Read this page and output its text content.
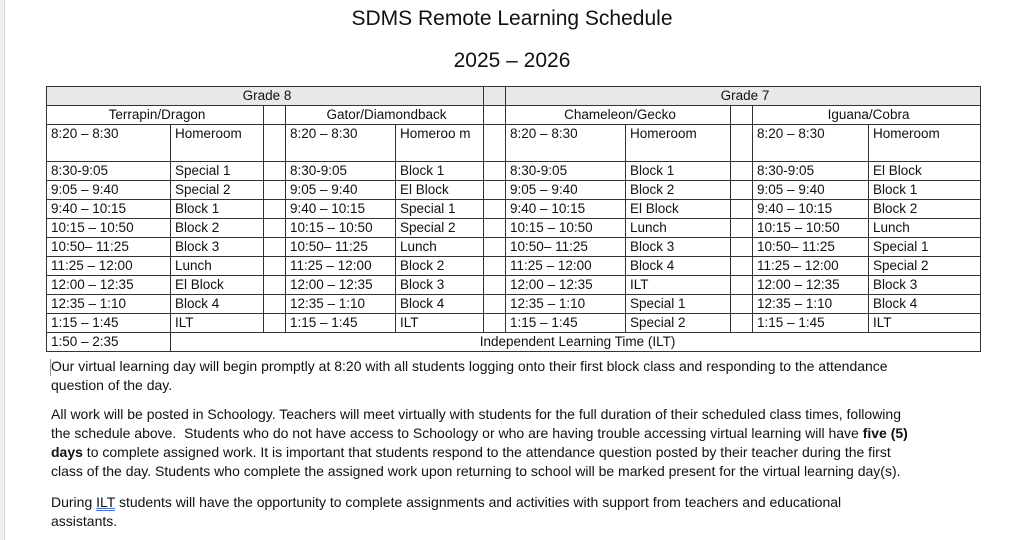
SDMS Remote Learning Schedule
2025 – 2026
Grade 8						Grade 7				
Terrapin/Dragon			Gator/Diamondback			Chameleon/Gecko			Iguana/Cobra	
8:20 – 8:30	Homeroom		8:20 – 8:30	Homeroo m		8:20 – 8:30	Homeroom		8:20 – 8:30	Homeroom
8:30-9:05	Special 1		8:30-9:05	Block 1		8:30-9:05	Block 1		8:30-9:05	El Block
9:05 – 9:40	Special 2		9:05 – 9:40	El Block		9:05 – 9:40	Block 2		9:05 – 9:40	Block 1
9:40 – 10:15	Block 1		9:40 – 10:15	Special 1		9:40 – 10:15	El Block		9:40 – 10:15	Block 2
10:15 – 10:50	Block 2		10:15 – 10:50	Special 2		10:15 – 10:50	Lunch		10:15 – 10:50	Lunch
10:50– 11:25	Block 3		10:50– 11:25	Lunch		10:50– 11:25	Block 3		10:50– 11:25	Special 1
11:25 – 12:00	Lunch		11:25 – 12:00	Block 2		11:25 – 12:00	Block 4		11:25 – 12:00	Special 2
12:00 – 12:35	El Block		12:00 – 12:35	Block 3		12:00 – 12:35	ILT		12:00 – 12:35	Block 3
12:35 – 1:10	Block 4		12:35 – 1:10	Block 4		12:35 – 1:10	Special 1		12:35 – 1:10	Block 4
1:15 – 1:45	ILT		1:15 – 1:45	ILT		1:15 – 1:45	Special 2		1:15 – 1:45	ILT
1:50 – 2:35	Independent Learning Time (ILT)									
Our virtual learning day will begin promptly at 8:20 with all students logging onto their first block class and responding to the attendance
question of the day.
All work will be posted in Schoology. Teachers will meet virtually with students for the full duration of their scheduled class times, following
the schedule above.  Students who do not have access to Schoology or who are having trouble accessing virtual learning will have five (5)
days to complete assigned work. It is important that students respond to the attendance question posted by their teacher during the first
class of the day. Students who complete the assigned work upon returning to school will be marked present for the virtual learning day(s).
During ILT students will have the opportunity to complete assignments and activities with support from teachers and educational
assistants.
